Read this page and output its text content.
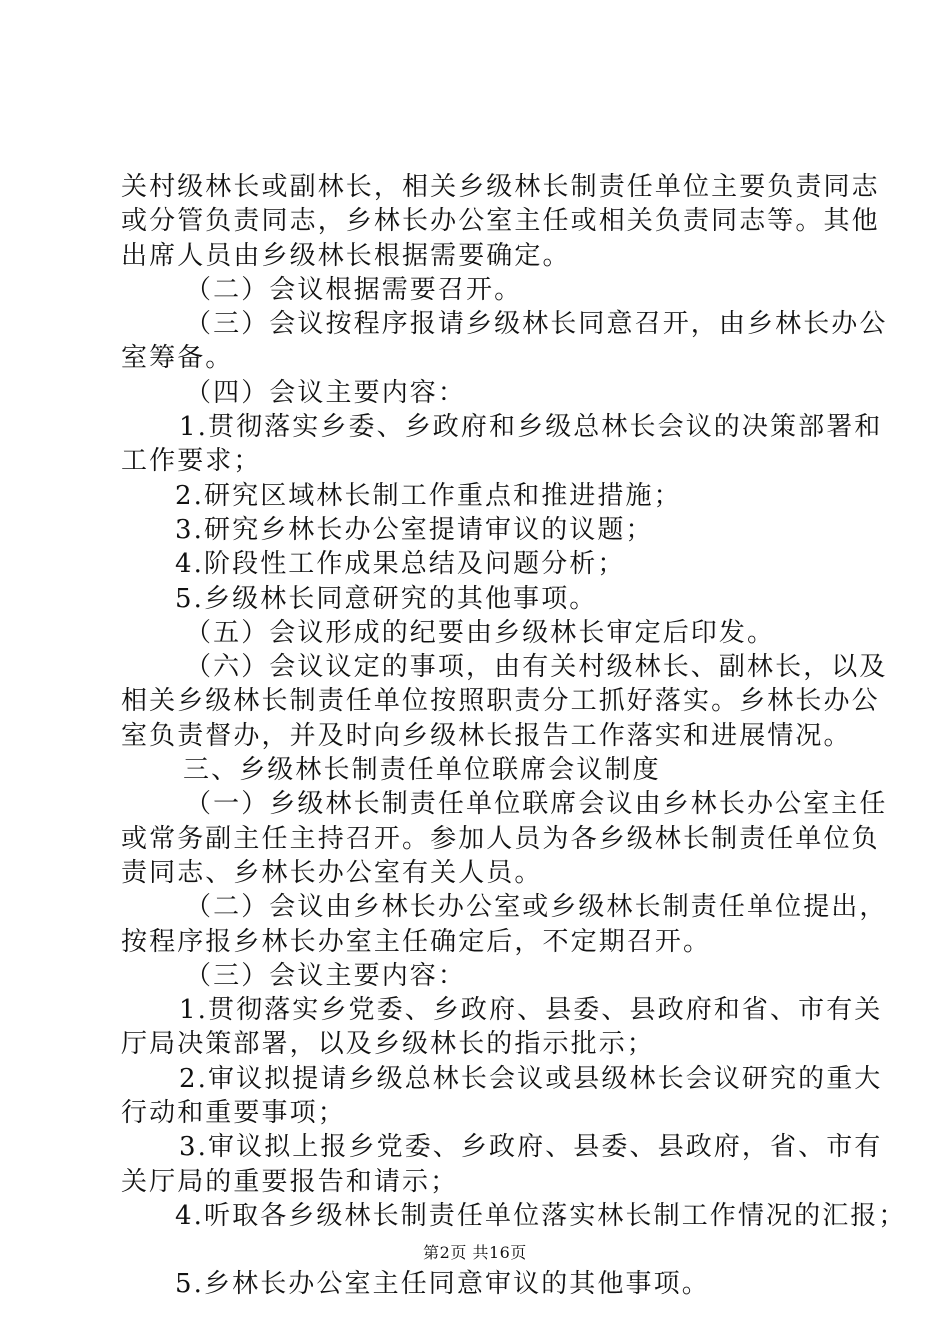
关村级林长或副林长，相关乡级林长制责任单位主要负责同志
或分管负责同志，乡林长办公室主任或相关负责同志等。其他
出席人员由乡级林长根据需要确定。
（二）会议根据需要召开。
（三）会议按程序报请乡级林长同意召开，由乡林长办公
室筹备。
（四）会议主要内容：
1.贯彻落实乡委、乡政府和乡级总林长会议的决策部署和
工作要求；
2.研究区域林长制工作重点和推进措施；
3.研究乡林长办公室提请审议的议题；
4.阶段性工作成果总结及问题分析；
5.乡级林长同意研究的其他事项。
（五）会议形成的纪要由乡级林长审定后印发。
（六）会议议定的事项，由有关村级林长、副林长，以及
相关乡级林长制责任单位按照职责分工抓好落实。乡林长办公
室负责督办，并及时向乡级林长报告工作落实和进展情况。
三、乡级林长制责任单位联席会议制度
（一）乡级林长制责任单位联席会议由乡林长办公室主任
或常务副主任主持召开。参加人员为各乡级林长制责任单位负
责同志、乡林长办公室有关人员。
（二）会议由乡林长办公室或乡级林长制责任单位提出，
按程序报乡林长办室主任确定后，不定期召开。
（三）会议主要内容：
1.贯彻落实乡党委、乡政府、县委、县政府和省、市有关
厅局决策部署，以及乡级林长的指示批示；
2.审议拟提请乡级总林长会议或县级林长会议研究的重大
行动和重要事项；
3.审议拟上报乡党委、乡政府、县委、县政府，省、市有
关厅局的重要报告和请示；
4.听取各乡级林长制责任单位落实林长制工作情况的汇报；
5.乡林长办公室主任同意审议的其他事项。
第2页 共16页
